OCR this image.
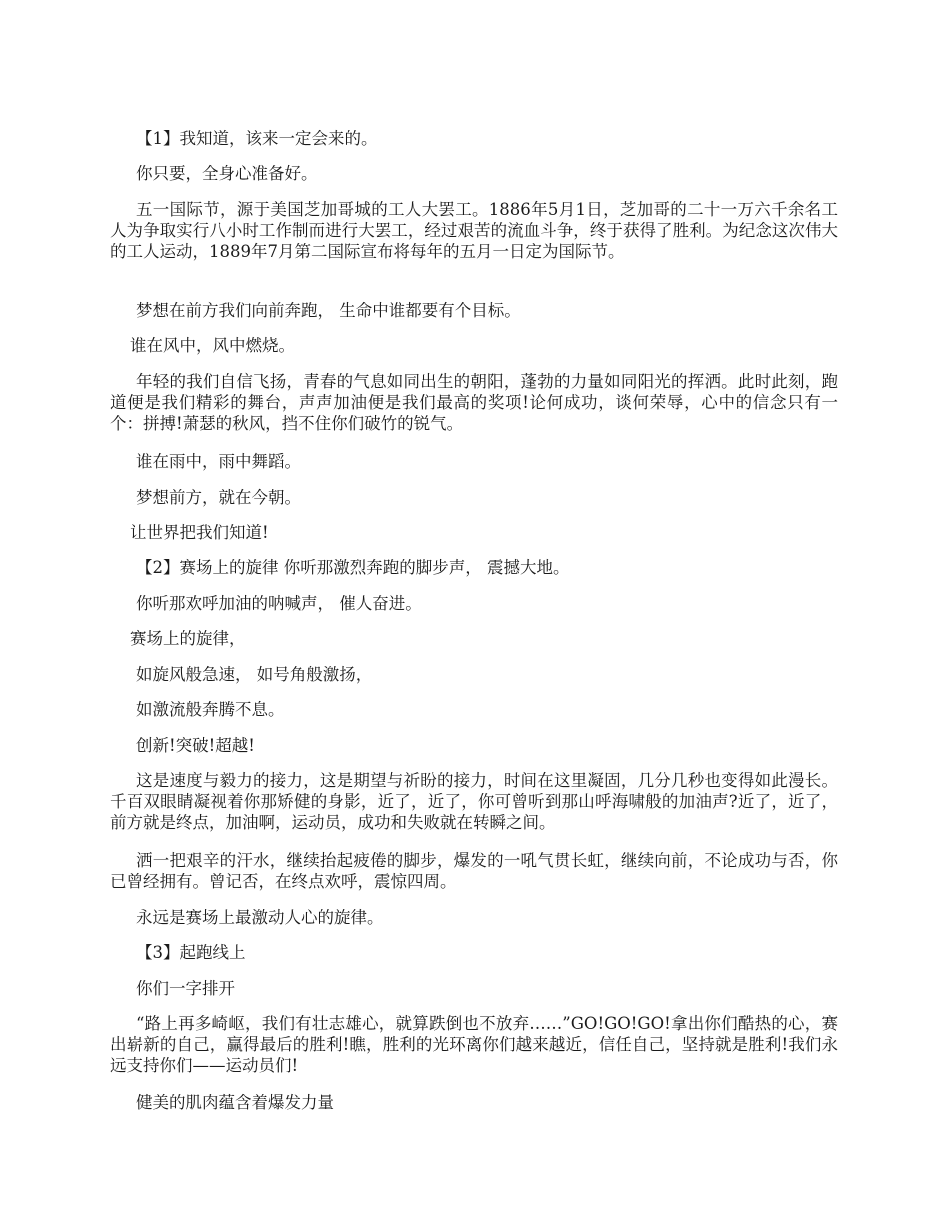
【1】我知道，该来一定会来的。

你只要，全身心准备好。

五一国际节，源于美国芝加哥城的工人大罢工。1886年5月1日，芝加哥的二十一万六千余名工人为争取实行八小时工作制而进行大罢工，经过艰苦的流血斗争，终于获得了胜利。为纪念这次伟大的工人运动，1889年7月第二国际宣布将每年的五月一日定为国际节。

梦想在前方我们向前奔跑， 生命中谁都要有个目标。

谁在风中，风中燃烧。

年轻的我们自信飞扬，青春的气息如同出生的朝阳，蓬勃的力量如同阳光的挥洒。此时此刻，跑道便是我们精彩的舞台，声声加油便是我们最高的奖项!论何成功，谈何荣辱，心中的信念只有一个：拼搏!萧瑟的秋风，挡不住你们破竹的锐气。

谁在雨中，雨中舞蹈。

梦想前方，就在今朝。

让世界把我们知道!

【2】赛场上的旋律 你听那激烈奔跑的脚步声， 震撼大地。

你听那欢呼加油的呐喊声， 催人奋进。

赛场上的旋律，

如旋风般急速， 如号角般激扬，

如激流般奔腾不息。

创新!突破!超越!

这是速度与毅力的接力，这是期望与祈盼的接力，时间在这里凝固，几分几秒也变得如此漫长。千百双眼睛凝视着你那矫健的身影，近了，近了，你可曾听到那山呼海啸般的加油声?近了，近了，前方就是终点，加油啊，运动员，成功和失败就在转瞬之间。

洒一把艰辛的汗水，继续抬起疲倦的脚步，爆发的一吼气贯长虹，继续向前，不论成功与否，你已曾经拥有。曾记否，在终点欢呼，震惊四周。

永远是赛场上最激动人心的旋律。

【3】起跑线上

你们一字排开

“路上再多崎岖，我们有壮志雄心，就算跌倒也不放弃……”GO!GO!GO!拿出你们酷热的心，赛出崭新的自己，赢得最后的胜利!瞧，胜利的光环离你们越来越近，信任自己，坚持就是胜利!我们永远支持你们——运动员们!

健美的肌肉蕴含着爆发力量
